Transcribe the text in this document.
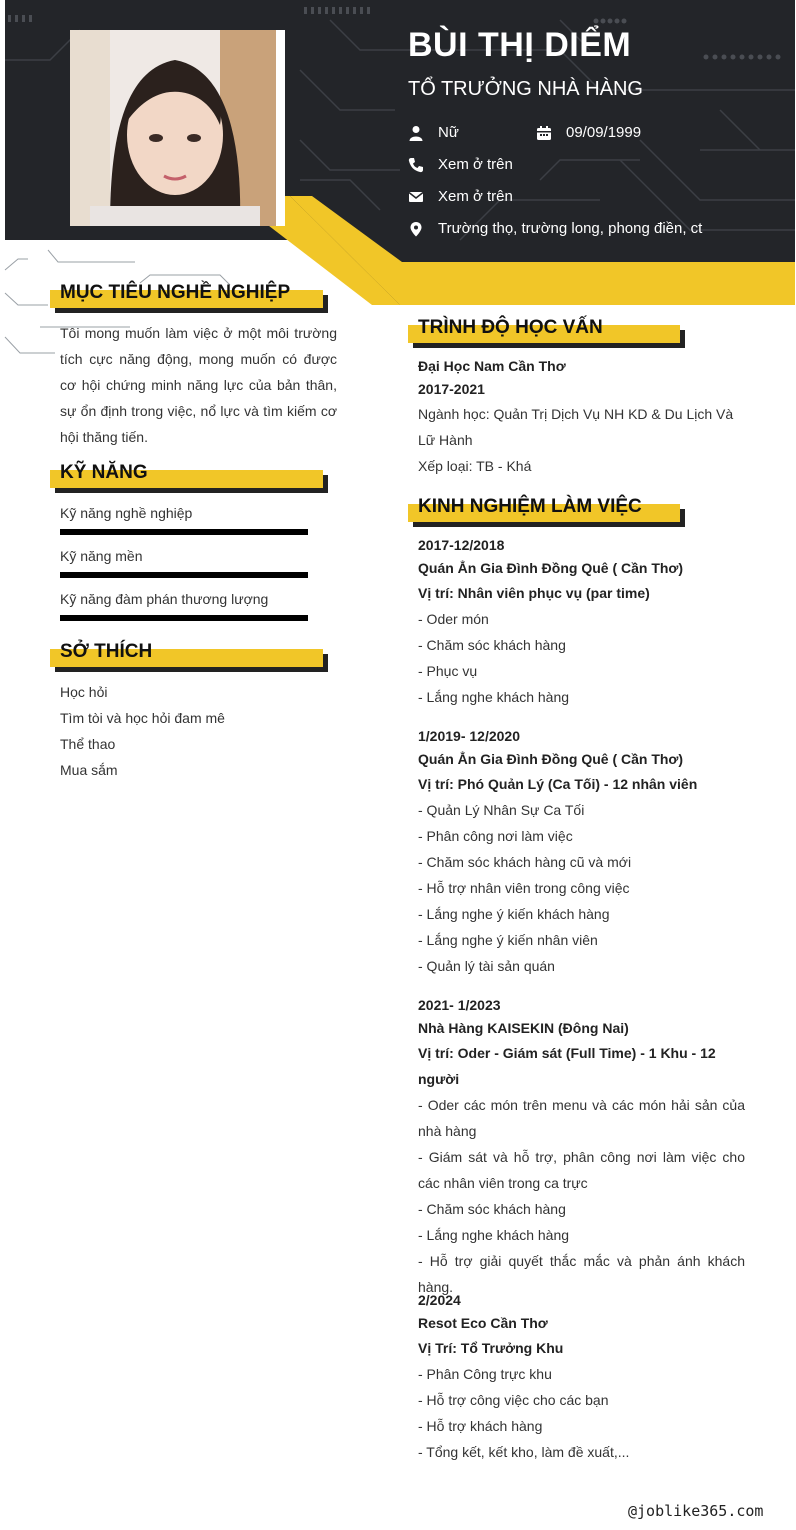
BÙI THỊ DIỂM
TỔ TRƯỞNG NHÀ HÀNG
Nữ	09/09/1999
Xem ở trên
Xem ở trên
Trường thọ, trường long, phong điền, ct
MỤC TIÊU NGHỀ NGHIỆP
Tôi mong muốn làm việc ở một môi trường tích cực năng động, mong muốn có được cơ hội chứng minh năng lực của bản thân, sự ổn định trong việc, nổ lực và tìm kiếm cơ hội thăng tiến.
KỸ NĂNG
Kỹ năng nghề nghiệp
Kỹ năng mền
Kỹ năng đàm phán thương lượng
SỞ THÍCH
Học hỏi
Tìm tòi và học hỏi đam mê
Thể thao
Mua sắm
TRÌNH ĐỘ HỌC VẤN
Đại Học Nam Cần Thơ
2017-2021
Ngành học: Quản Trị Dịch Vụ NH KD & Du Lịch Và Lữ Hành
Xếp loại: TB - Khá
KINH NGHIỆM LÀM VIỆC
2017-12/2018
Quán Ẳn Gia Đình Đồng Quê ( Cần Thơ)
Vị trí: Nhân viên phục vụ (par time)
- Oder món
- Chăm sóc khách hàng
- Phục vụ
- Lắng nghe khách hàng
1/2019- 12/2020
Quán Ẳn Gia Đình Đồng Quê ( Cần Thơ)
Vị trí: Phó Quản Lý (Ca Tối) - 12 nhân viên
- Quản Lý Nhân Sự Ca Tối
- Phân công nơi làm việc
- Chăm sóc khách hàng cũ và mới
- Hỗ trợ nhân viên trong công việc
- Lắng nghe ý kiến khách hàng
- Lắng nghe ý kiến nhân viên
- Quản lý tài sản quán
2021- 1/2023
Nhà Hàng KAISEKIN (Đông Nai)
Vị trí: Oder - Giám sát (Full Time) - 1 Khu - 12 người
- Oder các món trên menu và các món hải sản của nhà hàng
- Giám sát và hỗ trợ, phân công nơi làm việc cho các nhân viên trong ca trực
- Chăm sóc khách hàng
- Lắng nghe khách hàng
- Hỗ trợ giải quyết thắc mắc và phản ánh khách hàng.
2/2024
Resot Eco Cần Thơ
Vị Trí: Tổ Trưởng Khu
- Phân Công trực khu
- Hỗ trợ công việc cho các bạn
- Hỗ trợ khách hàng
- Tổng kết, kết kho, làm đề xuất,...
@joblike365.com
